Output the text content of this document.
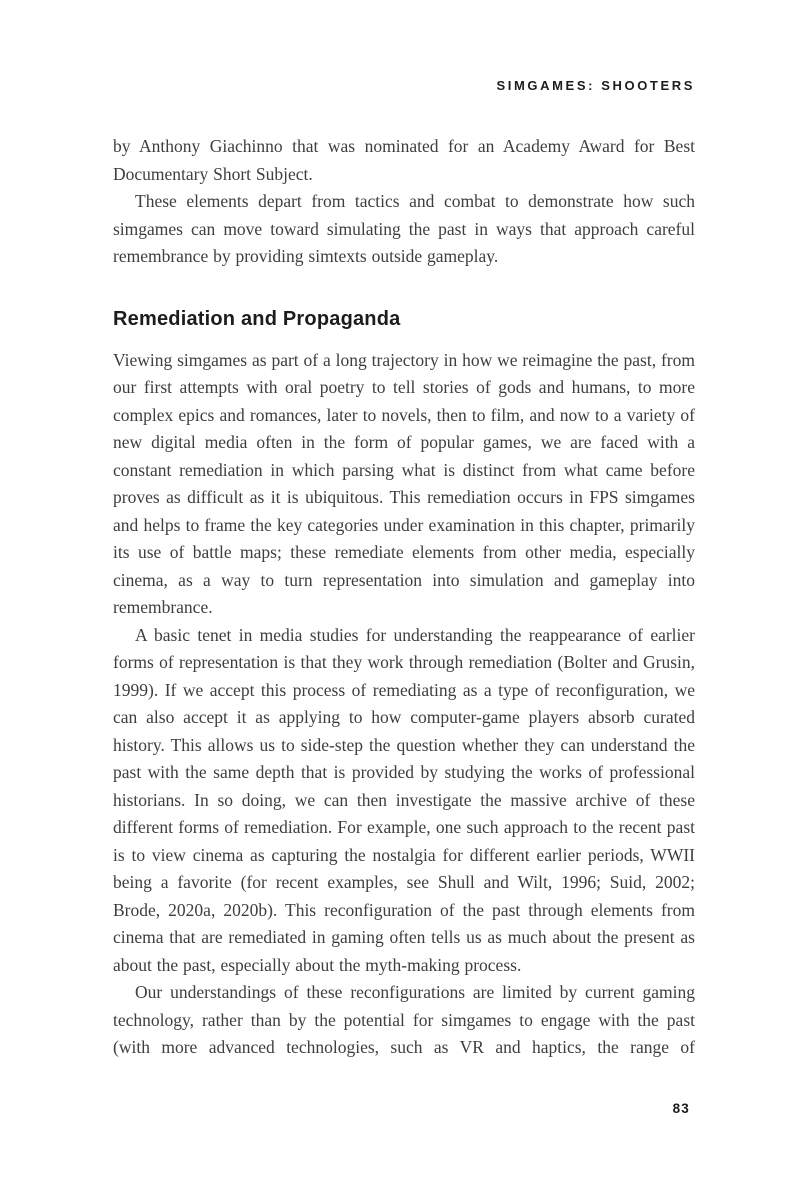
SIMGAMES: SHOOTERS

by Anthony Giachinno that was nominated for an Academy Award for Best Documentary Short Subject.

These elements depart from tactics and combat to demonstrate how such simgames can move toward simulating the past in ways that approach careful remembrance by providing simtexts outside gameplay.

Remediation and Propaganda

Viewing simgames as part of a long trajectory in how we reimagine the past, from our first attempts with oral poetry to tell stories of gods and humans, to more complex epics and romances, later to novels, then to film, and now to a variety of new digital media often in the form of popular games, we are faced with a constant remediation in which parsing what is distinct from what came before proves as difficult as it is ubiquitous. This remediation occurs in FPS simgames and helps to frame the key categories under examination in this chapter, primarily its use of battle maps; these remediate elements from other media, especially cinema, as a way to turn representation into simulation and gameplay into remembrance.

A basic tenet in media studies for understanding the reappearance of earlier forms of representation is that they work through remediation (Bolter and Grusin, 1999). If we accept this process of remediating as a type of reconfiguration, we can also accept it as applying to how computer-game players absorb curated history. This allows us to side-step the question whether they can understand the past with the same depth that is provided by studying the works of professional historians. In so doing, we can then investigate the massive archive of these different forms of remediation. For example, one such approach to the recent past is to view cinema as capturing the nostalgia for different earlier periods, WWII being a favorite (for recent examples, see Shull and Wilt, 1996; Suid, 2002; Brode, 2020a, 2020b). This reconfiguration of the past through elements from cinema that are remediated in gaming often tells us as much about the present as about the past, especially about the myth-making process.

Our understandings of these reconfigurations are limited by current gaming technology, rather than by the potential for simgames to engage with the past (with more advanced technologies, such as VR and haptics, the range of

83
